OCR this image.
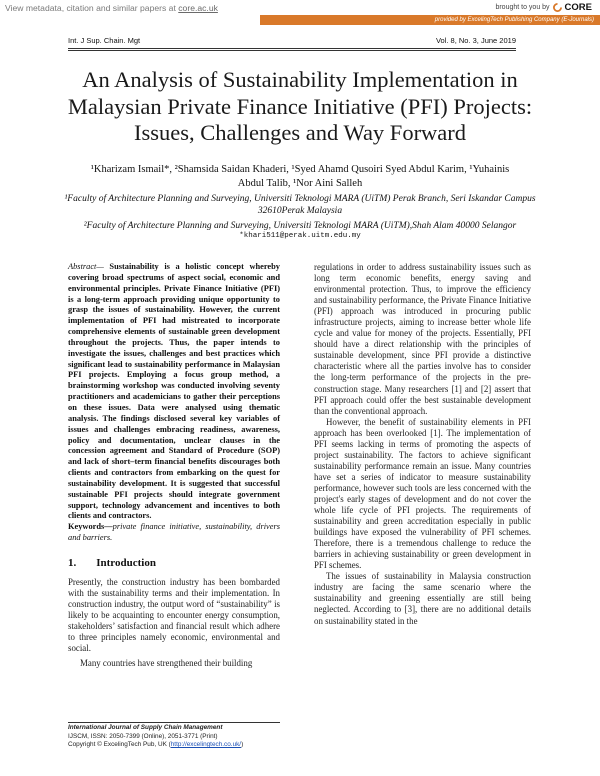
View metadata, citation and similar papers at core.ac.uk	brought to you by CORE
provided by ExcelingTech Publishing Company (E-Journals)
Int. J Sup. Chain. Mgt	Vol. 8, No. 3, June 2019
An Analysis of Sustainability Implementation in Malaysian Private Finance Initiative (PFI) Projects: Issues, Challenges and Way Forward
¹Kharizam Ismail*, ²Shamsida Saidan Khaderi, ¹Syed Ahamd Qusoiri Syed Abdul Karim, ¹Yuhainis
Abdul Talib, ¹Nor Aini Salleh
¹Faculty of Architecture Planning and Surveying, Universiti Teknologi MARA (UiTM) Perak Branch, Seri Iskandar Campus 32610Perak Malaysia
²Faculty of Architecture Planning and Surveying, Universiti Teknologi MARA (UiTM),Shah Alam 40000 Selangor
*khari511@perak.uitm.edu.my
Abstract— Sustainability is a holistic concept whereby covering broad spectrums of aspect social, economic and environmental principles. Private Finance Initiative (PFI) is a long-term approach providing unique opportunity to grasp the issues of sustainability. However, the current implementation of PFI had mistreated to incorporate comprehensive elements of sustainable green development throughout the projects. Thus, the paper intends to investigate the issues, challenges and best practices which significant lead to sustainability performance in Malaysian PFI projects. Employing a focus group method, a brainstorming workshop was conducted involving seventy practitioners and academicians to gather their perceptions on these issues. Data were analysed using thematic analysis. The findings disclosed several key variables of issues and challenges embracing readiness, awareness, policy and documentation, unclear clauses in the concession agreement and Standard of Procedure (SOP) and lack of short–term financial benefits discourages both clients and contractors from embarking on the quest for sustainability development. It is suggested that successful sustainable PFI projects should integrate government support, technology advancement and incentives to both clients and contractors.
Keywords—private finance initiative, sustainability, drivers and barriers.
1. Introduction
Presently, the construction industry has been bombarded with the sustainability terms and their implementation. In construction industry, the output word of “sustainability” is likely to be acquainting to encounter energy consumption, stakeholders’ satisfaction and financial result which adhere to three principles namely economic, environmental and social.
Many countries have strengthened their building
regulations in order to address sustainability issues such as long term economic benefits, energy saving and environmental protection. Thus, to improve the efficiency and sustainability performance, the Private Finance Initiative (PFI) approach was introduced in procuring public infrastructure projects, aiming to increase better whole life cycle and value for money of the projects. Essentially, PFI should have a direct relationship with the principles of sustainable development, since PFI provide a distinctive characteristic where all the parties involve has to consider the long-term performance of the projects in the pre-construction stage. Many researchers [1] and [2] assert that PFI approach could offer the best sustainable development than the conventional approach.
However, the benefit of sustainability elements in PFI approach has been overlooked [1]. The implementation of PFI seems lacking in terms of promoting the aspects of project sustainability. The factors to achieve significant sustainability performance remain an issue. Many countries have set a series of indicator to measure sustainability performance, however such tools are less concerned with the project's early stages of development and do not cover the whole life cycle of PFI projects. The requirements of sustainability and green accreditation especially in public buildings have exposed the vulnerability of PFI schemes. Therefore, there is a tremendous challenge to reduce the barriers in achieving sustainability or green development in PFI schemes.
The issues of sustainability in Malaysia construction industry are facing the same scenario where the sustainability and greening essentially are still being neglected. According to [3], there are no additional details on sustainability stated in the
International Journal of Supply Chain Management
IJSCM, ISSN: 2050-7399 (Online), 2051-3771 (Print)
Copyright © ExcelingTech Pub, UK (http://excelingtech.co.uk/)
